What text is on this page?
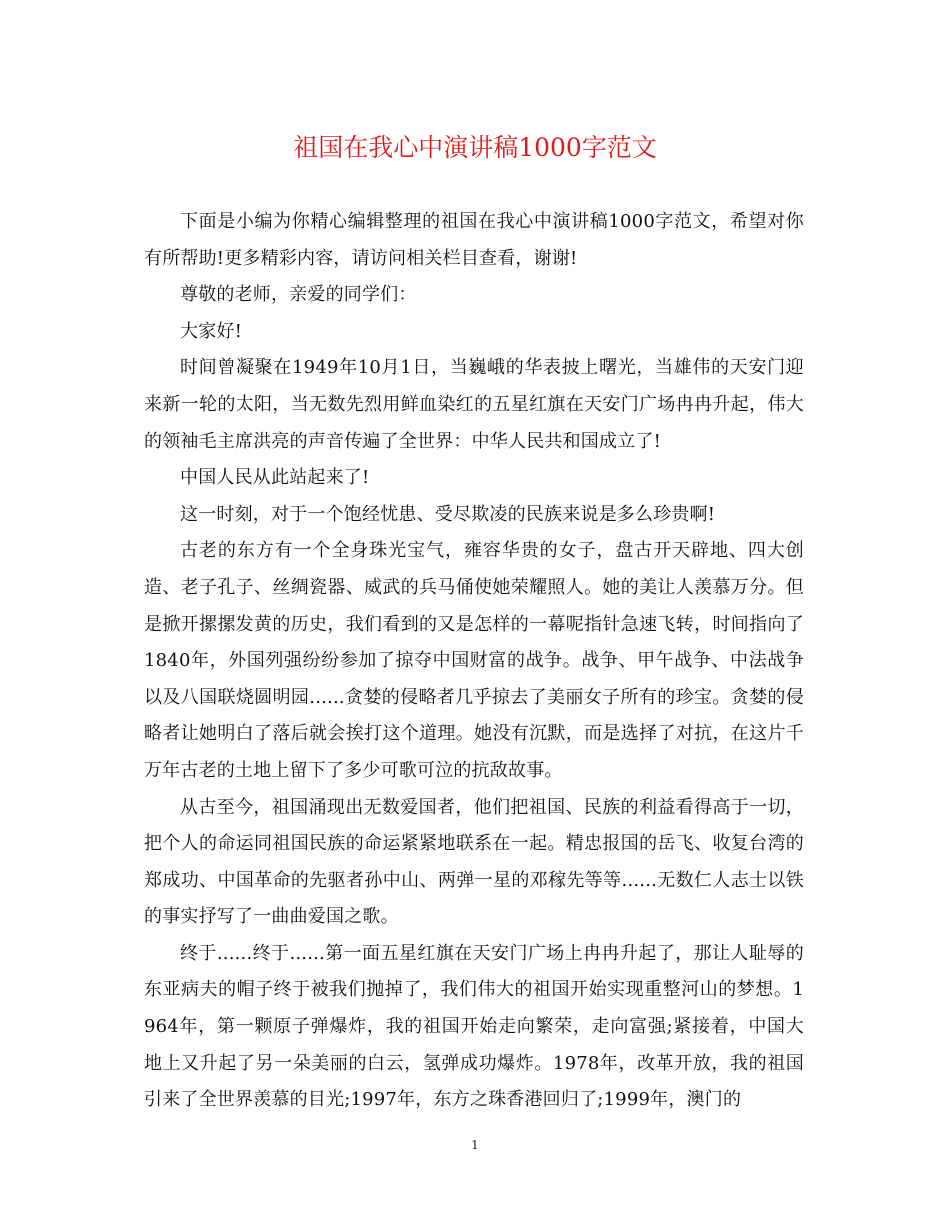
祖国在我心中演讲稿1000字范文

下面是小编为你精心编辑整理的祖国在我心中演讲稿1000字范文，希望对你有所帮助!更多精彩内容，请访问相关栏目查看，谢谢!

尊敬的老师，亲爱的同学们：

大家好!

时间曾凝聚在1949年10月1日，当巍峨的华表披上曙光，当雄伟的天安门迎来新一轮的太阳，当无数先烈用鲜血染红的五星红旗在天安门广场冉冉升起，伟大的领袖毛主席洪亮的声音传遍了全世界：中华人民共和国成立了!

中国人民从此站起来了!

这一时刻，对于一个饱经忧患、受尽欺凌的民族来说是多么珍贵啊!

古老的东方有一个全身珠光宝气，雍容华贵的女子，盘古开天辟地、四大创造、老子孔子、丝绸瓷器、威武的兵马俑使她荣耀照人。她的美让人羡慕万分。但是掀开摞摞发黄的历史，我们看到的又是怎样的一幕呢指针急速飞转，时间指向了1840年，外国列强纷纷参加了掠夺中国财富的战争。战争、甲午战争、中法战争以及八国联烧圆明园......贪婪的侵略者几乎掠去了美丽女子所有的珍宝。贪婪的侵略者让她明白了落后就会挨打这个道理。她没有沉默，而是选择了对抗，在这片千万年古老的土地上留下了多少可歌可泣的抗敌故事。

从古至今，祖国涌现出无数爱国者，他们把祖国、民族的利益看得高于一切，把个人的命运同祖国民族的命运紧紧地联系在一起。精忠报国的岳飞、收复台湾的郑成功、中国革命的先驱者孙中山、两弹一星的邓稼先等等......无数仁人志士以铁的事实抒写了一曲曲爱国之歌。

终于......终于......第一面五星红旗在天安门广场上冉冉升起了，那让人耻辱的东亚病夫的帽子终于被我们抛掉了，我们伟大的祖国开始实现重整河山的梦想。1964年，第一颗原子弹爆炸，我的祖国开始走向繁荣，走向富强;紧接着，中国大地上又升起了另一朵美丽的白云，氢弹成功爆炸。1978年，改革开放，我的祖国引来了全世界羡慕的目光;1997年，东方之珠香港回归了;1999年，澳门的

1
